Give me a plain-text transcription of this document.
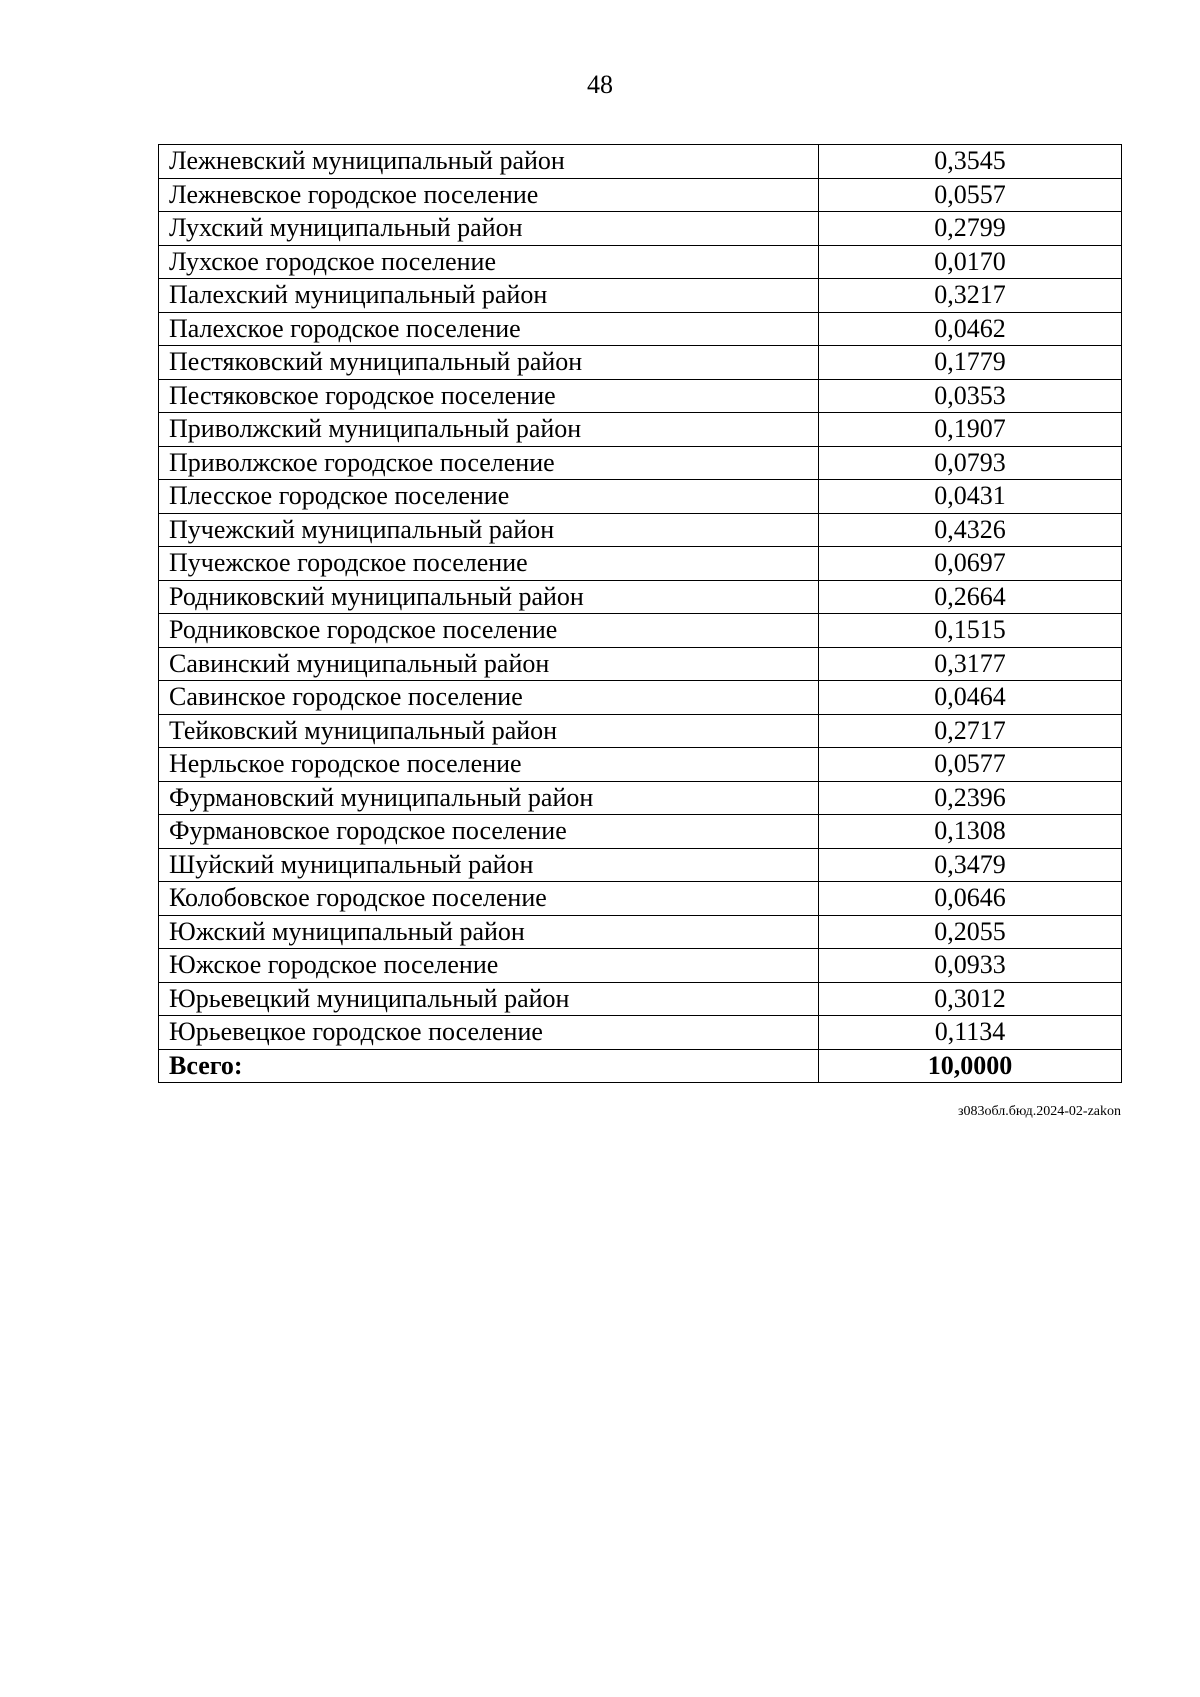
48
Лежневский муниципальный район	0,3545
Лежневское городское поселение	0,0557
Лухский муниципальный район	0,2799
Лухское городское поселение	0,0170
Палехский муниципальный район	0,3217
Палехское городское поселение	0,0462
Пестяковский муниципальный район	0,1779
Пестяковское городское поселение	0,0353
Приволжский муниципальный район	0,1907
Приволжское городское поселение	0,0793
Плесское городское поселение	0,0431
Пучежский муниципальный район	0,4326
Пучежское городское поселение	0,0697
Родниковский муниципальный район	0,2664
Родниковское городское поселение	0,1515
Савинский муниципальный район	0,3177
Савинское городское поселение	0,0464
Тейковский муниципальный район	0,2717
Нерльское городское поселение	0,0577
Фурмановский муниципальный район	0,2396
Фурмановское городское поселение	0,1308
Шуйский муниципальный район	0,3479
Колобовское городское поселение	0,0646
Южский муниципальный район	0,2055
Южское городское поселение	0,0933
Юрьевецкий муниципальный район	0,3012
Юрьевецкое городское поселение	0,1134
Всего:	10,0000
з083обл.бюд.2024-02-zakon
